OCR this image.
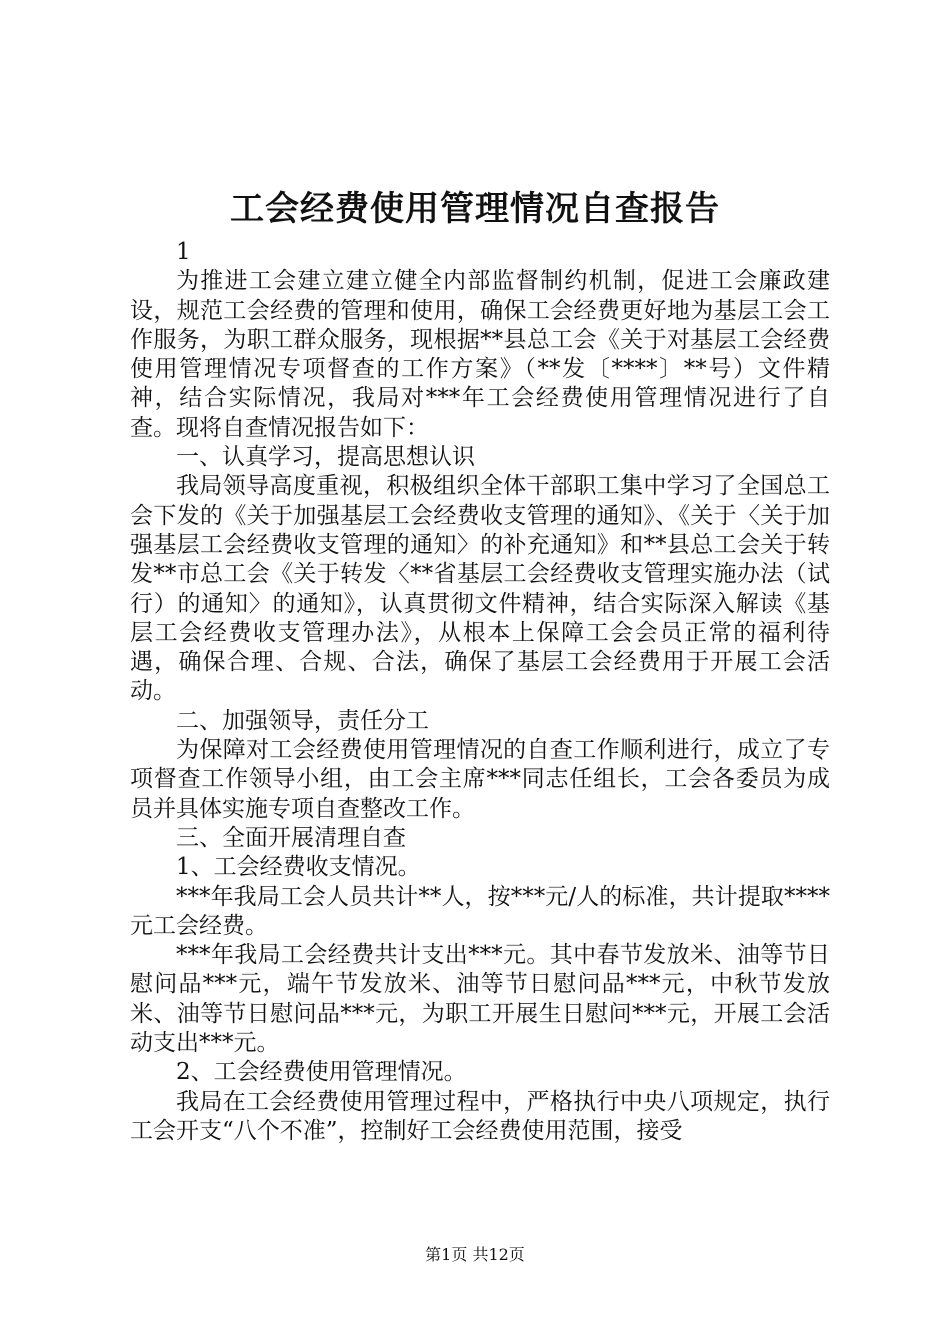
工会经费使用管理情况自查报告

1

为推进工会建立建立健全内部监督制约机制，促进工会廉政建设，规范工会经费的管理和使用，确保工会经费更好地为基层工会工作服务，为职工群众服务，现根据**县总工会《关于对基层工会经费使用管理情况专项督查的工作方案》（**发〔****〕**号）文件精神，结合实际情况，我局对***年工会经费使用管理情况进行了自查。现将自查情况报告如下：

一、认真学习，提高思想认识

我局领导高度重视，积极组织全体干部职工集中学习了全国总工会下发的《关于加强基层工会经费收支管理的通知》、《关于〈关于加强基层工会经费收支管理的通知〉的补充通知》和**县总工会关于转发**市总工会《关于转发〈**省基层工会经费收支管理实施办法（试行）的通知〉的通知》，认真贯彻文件精神，结合实际深入解读《基层工会经费收支管理办法》，从根本上保障工会会员正常的福利待遇，确保合理、合规、合法，确保了基层工会经费用于开展工会活动。

二、加强领导，责任分工

为保障对工会经费使用管理情况的自查工作顺利进行，成立了专项督查工作领导小组，由工会主席***同志任组长，工会各委员为成员并具体实施专项自查整改工作。

三、全面开展清理自查

1、工会经费收支情况。

***年我局工会人员共计**人，按***元/人的标准，共计提取****元工会经费。

***年我局工会经费共计支出***元。其中春节发放米、油等节日慰问品***元，端午节发放米、油等节日慰问品***元，中秋节发放米、油等节日慰问品***元，为职工开展生日慰问***元，开展工会活动支出***元。

2、工会经费使用管理情况。

我局在工会经费使用管理过程中，严格执行中央八项规定，执行工会开支“八个不准”，控制好工会经费使用范围，接受

第1页 共12页
